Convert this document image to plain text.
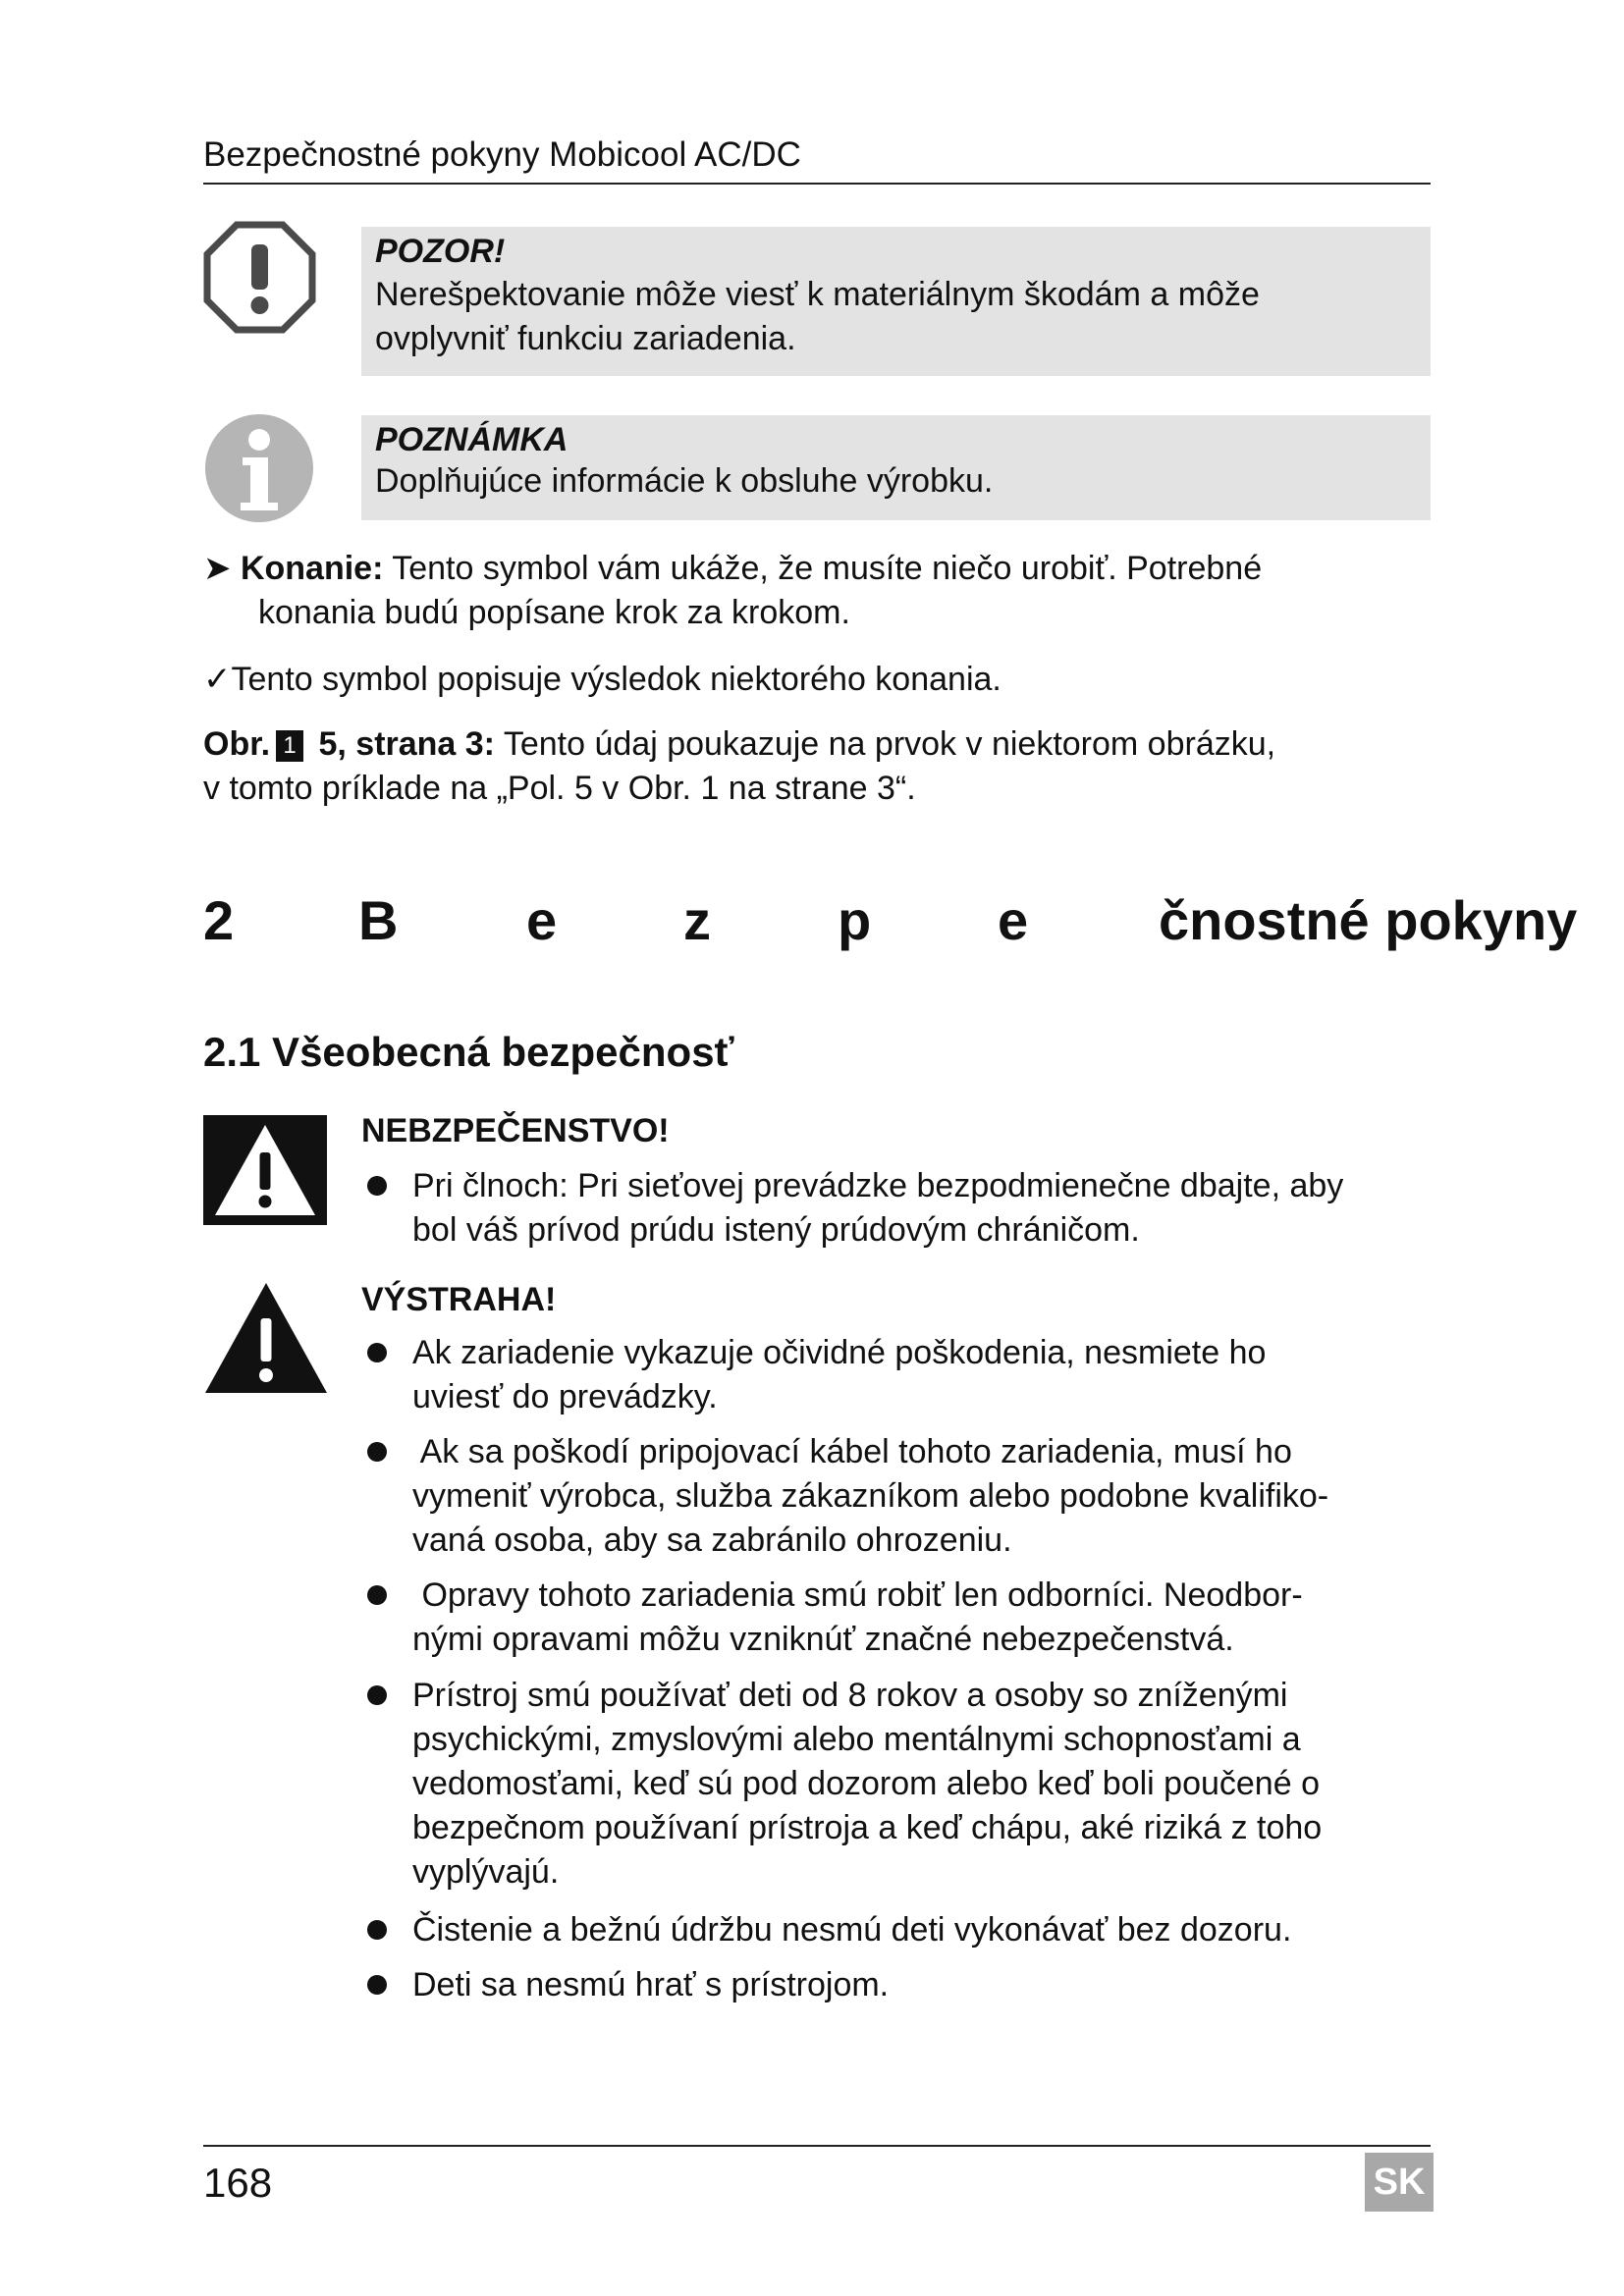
Bezpečnostné pokyny Mobicool AC/DC
POZOR!
Nerešpektovanie môže viesť k materiálnym škodám a môže
ovplyvniť funkciu zariadenia.
POZNÁMKA
Doplňujúce informácie k obsluhe výrobku.
➤ Konanie: Tento symbol vám ukáže, že musíte niečo urobiť. Potrebné
konania budú popísane krok za krokom.
✓Tento symbol popisuje výsledok niektorého konania.
Obr. 1 5, strana 3: Tento údaj poukazuje na prvok v niektorom obrázku,
v tomto príklade na „Pol. 5 v Obr. 1 na strane 3“.
2 B e z p e čnostné pokyny
2.1 Všeobecná bezpečnosť
NEBZPEČENSTVO!
Pri člnoch: Pri sieťovej prevádzke bezpodmienečne dbajte, aby
bol váš prívod prúdu istený prúdovým chráničom.
VÝSTRAHA!
Ak zariadenie vykazuje očividné poškodenia, nesmiete ho
uviesť do prevádzky.
Ak sa poškodí pripojovací kábel tohoto zariadenia, musí ho
vymeniť výrobca, služba zákazníkom alebo podobne kvalifiko-
vaná osoba, aby sa zabránilo ohrozeniu.
Opravy tohoto zariadenia smú robiť len odborníci. Neodbor-
nými opravami môžu vzniknúť značné nebezpečenstvá.
Prístroj smú používať deti od 8 rokov a osoby so zníženými
psychickými, zmyslovými alebo mentálnymi schopnosťami a
vedomosťami, keď sú pod dozorom alebo keď boli poučené o
bezpečnom používaní prístroja a keď chápu, aké riziká z toho
vyplývajú.
Čistenie a bežnú údržbu nesmú deti vykonávať bez dozoru.
Deti sa nesmú hrať s prístrojom.
168	SK
